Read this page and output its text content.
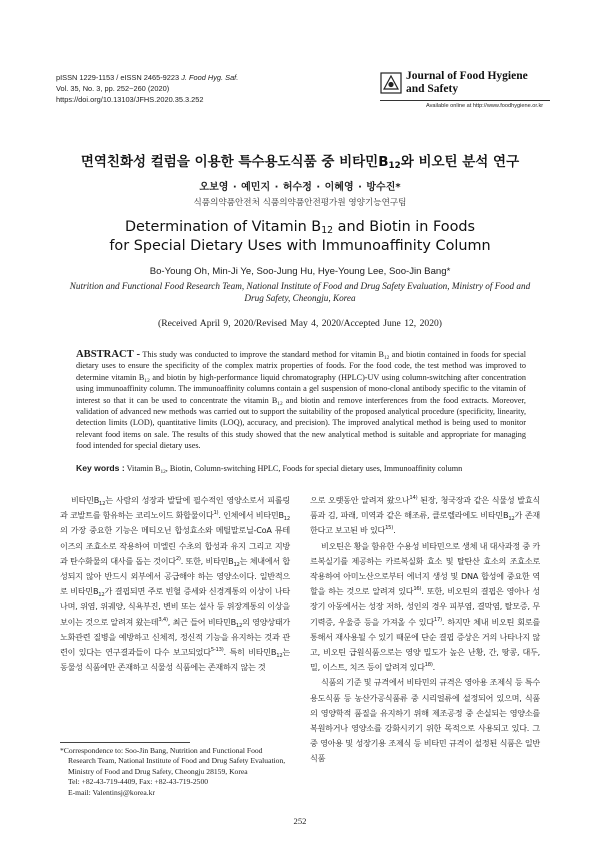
pISSN 1229-1153 / eISSN 2465-9223 J. Food Hyg. Saf.
Vol. 35, No. 3, pp. 252~260 (2020)
https://doi.org/10.13103/JFHS.2020.35.3.252
Journal of Food Hygiene
and Safety
Available online at http://www.foodhygiene.or.kr
면역친화성 컬럼을 이용한 특수용도식품 중 비타민$B_{12}$와 비오틴 분석 연구
오보영 · 예민지 · 허수정 · 이혜영 · 방수진*
식품의약품안전처 식품의약품안전평가원 영양기능연구팀
Determination of Vitamin $B_{12}$ and Biotin in Foods
for Special Dietary Uses with Immunoaffinity Column
Bo-Young Oh, Min-Ji Ye, Soo-Jung Hu, Hye-Young Lee, Soo-Jin Bang*
Nutrition and Functional Food Research Team, National Institute of Food and Drug Safety Evaluation, Ministry of Food and Drug Safety, Cheongju, Korea
(Received April 9, 2020/Revised May 4, 2020/Accepted June 12, 2020)
ABSTRACT - This study was conducted to improve the standard method for vitamin $B_{12}$ and biotin contained in foods for special dietary uses to ensure the specificity of the complex matrix properties of foods. For the food code, the test method was improved to determine vitamin $B_{12}$ and biotin by high-performance liquid chromatography (HPLC)-UV using column-switching after concentration using immunoaffinity column. The immunoaffinity columns contain a gel suspension of mono-clonal antibody specific to the vitamin of interest so that it can be used to concentrate the vitamin $B_{12}$ and biotin and remove interferences from the food extracts. Moreover, validation of advanced new methods was carried out to support the suitability of the proposed analytical procedure (specificity, linearity, detection limits (LOD), quantitative limits (LOQ), accuracy, and precision). The improved analytical method is being used to monitor relevant food items on sale. The results of this study showed that the new analytical method is suitable and appropriate for managing food intended for special dietary uses.
Key words : Vitamin $B_{12}$, Biotin, Column-switching HPLC, Foods for special dietary uses, Immunoaffinity column

비타민$B_{12}$는 사람의 성장과 발달에 필수적인 영양소로서 피롤링과 코발트를 함유하는 코리노이드 화합물이다$^{1)}$. 인체에서 비타민$B_{12}$의 가장 중요한 기능은 메티오닌 합성효소와 메틸말로닐-CoA 뮤테이즈의 조효소로 작용하여 미엘린 수초의 합성과 유지 그리고 지방과 탄수화물의 대사를 돕는 것이다$^{2)}$. 또한, 비타민$B_{12}$는 체내에서 합성되지 않아 반드시 외부에서 공급해야 하는 영양소이다. 일반적으로 비타민$B_{12}$가 결핍되면 주로 빈혈 증세와 신경계통의 이상이 나타나며, 위염, 위궤양, 식욕부진, 변비 또는 설사 등 위장계통의 이상을 보이는 것으로 알려져 왔는데$^{3,4)}$, 최근 들어 비타민$B_{12}$의 영양상태가 노화관련 질병을 예방하고 신체적, 정신적 기능을 유지하는 것과 관련이 있다는 연구결과들이 다수 보고되었다$^{5-13)}$. 특히 비타민$B_{12}$는 동물성 식품에만 존재하고 식물성 식품에는 존재하지 않는 것

으로 오랫동안 알려져 왔으나$^{14)}$ 된장, 청국장과 같은 식물성 발효식품과 김, 파래, 미역과 같은 해조류, 클로렐라에도 비타민$B_{12}$가 존재한다고 보고된 바 있다$^{15)}$.

비오틴은 황을 함유한 수용성 비타민으로 생체 내 대사과정 중 카르복실기를 제공하는 카르복실화 효소 및 탈탄산 효소의 조효소로 작용하여 아미노산으로부터 에너지 생성 및 DNA 합성에 중요한 역할을 하는 것으로 알려져 있다$^{16)}$. 또한, 비오틴의 결핍은 영아나 성장기 아동에서는 성장 저하, 성인의 경우 피부염, 결막염, 탈모증, 무기력증, 우울증 등을 가져올 수 있다$^{17)}$. 하지만 체내 비오틴 회로를 통해서 재사용될 수 있기 때문에 단순 결핍 증상은 거의 나타나지 않고, 비오틴 급원식품으로는 영양 밀도가 높은 난황, 간, 땅콩, 대두, 밀, 이스트, 치즈 등이 알려져 있다$^{18)}$.

식품의 기준 및 규격에서 비타민의 규격은 영아용 조제식 등 특수용도식품 등 농산가공식품류 중 시리얼류에 설정되어 있으며, 식품의 영양학적 품질을 유지하기 위해 제조공정 중 손실되는 영양소를 복원하거나 영양소를 강화시키기 위한 목적으로 사용되고 있다. 그 중 영아용 및 성장기용 조제식 등 비타민 규격이 설정된 식품은 일반식품

*Correspondence to: Soo-Jin Bang, Nutrition and Functional Food
Research Team, National Institute of Food and Drug Safety Evaluation,
Ministry of Food and Drug Safety, Cheongju 28159, Korea
Tel: +82-43-719-4409, Fax: +82-43-719-2500
E-mail: Valentinsj@korea.kr
252
